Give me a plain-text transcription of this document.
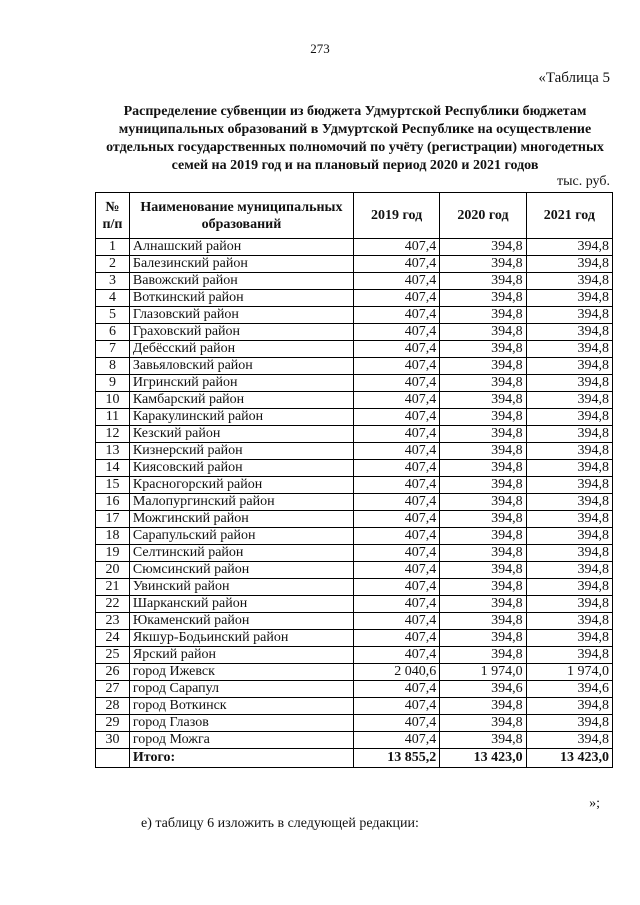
273
«Таблица 5
Распределение субвенции из бюджета Удмуртской Республики бюджетам муниципальных образований в Удмуртской Республике на осуществление отдельных государственных полномочий по учёту (регистрации) многодетных семей на 2019 год и на плановый период 2020 и 2021 годов
тыс. руб.
№ п/п	Наименование муниципальных образований	2019 год	2020 год	2021 год
1	Алнашский район	407,4	394,8	394,8
2	Балезинский район	407,4	394,8	394,8
3	Вавожский район	407,4	394,8	394,8
4	Воткинский район	407,4	394,8	394,8
5	Глазовский район	407,4	394,8	394,8
6	Граховский район	407,4	394,8	394,8
7	Дебёсский район	407,4	394,8	394,8
8	Завьяловский район	407,4	394,8	394,8
9	Игринский район	407,4	394,8	394,8
10	Камбарский район	407,4	394,8	394,8
11	Каракулинский район	407,4	394,8	394,8
12	Кезский район	407,4	394,8	394,8
13	Кизнерский район	407,4	394,8	394,8
14	Киясовский район	407,4	394,8	394,8
15	Красногорский район	407,4	394,8	394,8
16	Малопургинский район	407,4	394,8	394,8
17	Можгинский район	407,4	394,8	394,8
18	Сарапульский район	407,4	394,8	394,8
19	Селтинский район	407,4	394,8	394,8
20	Сюмсинский район	407,4	394,8	394,8
21	Увинский район	407,4	394,8	394,8
22	Шарканский район	407,4	394,8	394,8
23	Юкаменский район	407,4	394,8	394,8
24	Якшур-Бодьинский район	407,4	394,8	394,8
25	Ярский район	407,4	394,8	394,8
26	город Ижевск	2 040,6	1 974,0	1 974,0
27	город Сарапул	407,4	394,6	394,6
28	город Воткинск	407,4	394,8	394,8
29	город Глазов	407,4	394,8	394,8
30	город Можга	407,4	394,8	394,8
	Итого:	13 855,2	13 423,0	13 423,0
»;
е) таблицу 6 изложить в следующей редакции:
